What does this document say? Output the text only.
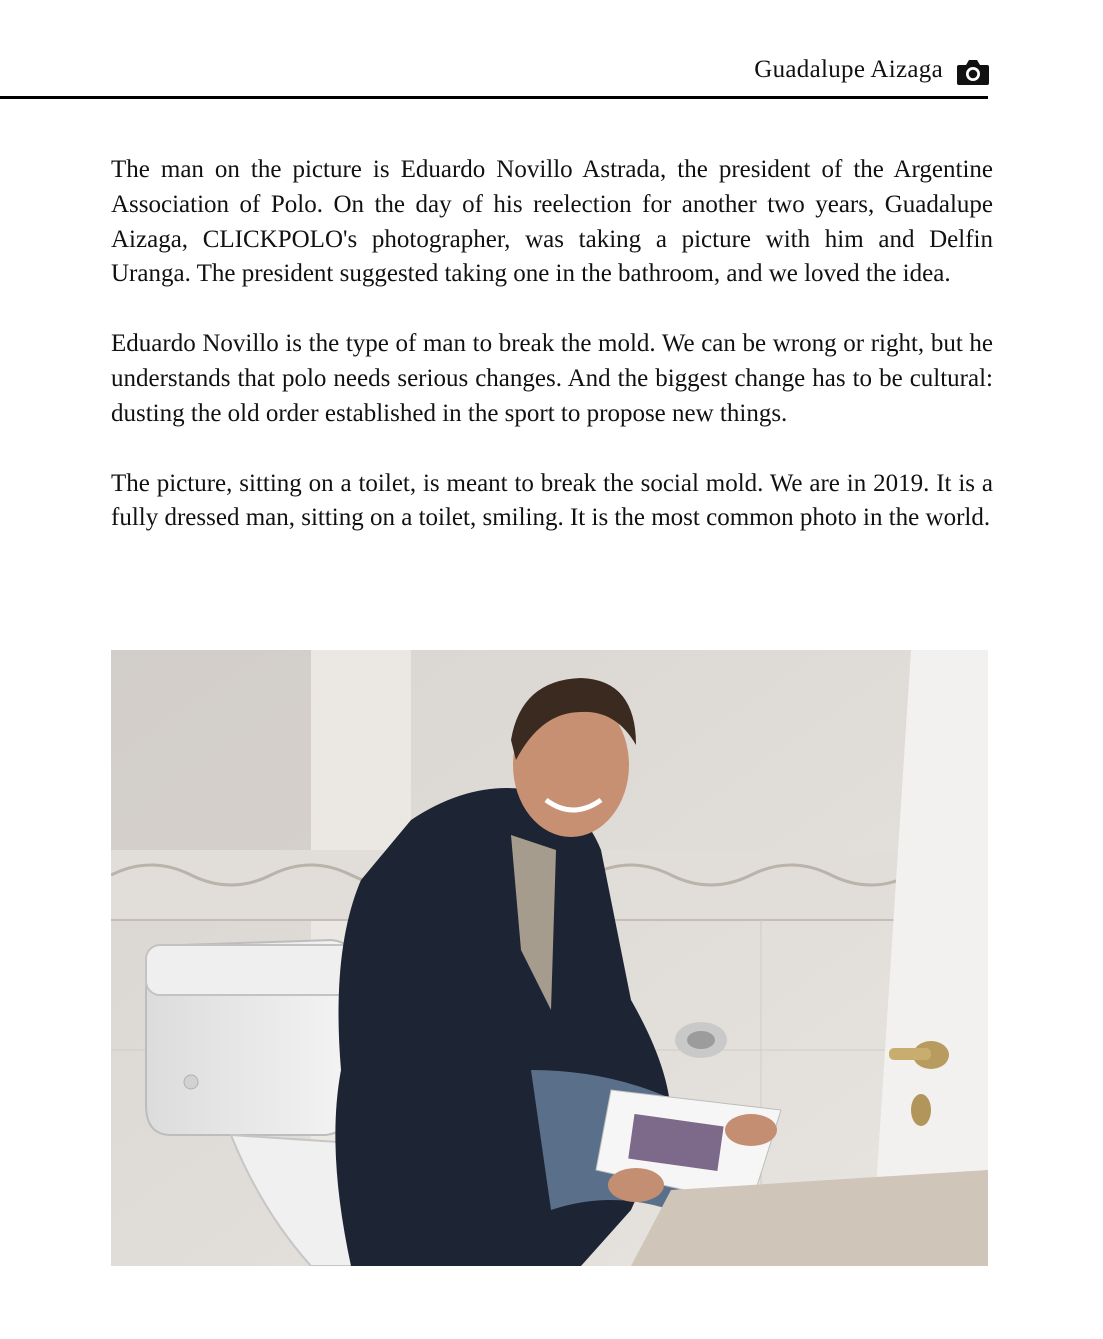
Guadalupe Aizaga

The man on the picture is Eduardo Novillo Astrada, the president of the Argentine Association of Polo. On the day of his reelection for another two years, Guadalupe Aizaga, CLICKPOLO's photographer, was taking a picture with him and Delfin Uranga. The president suggested taking one in the bathroom, and we loved the idea.

Eduardo Novillo is the type of man to break the mold. We can be wrong or right, but he understands that polo needs serious changes. And the biggest change has to be cultural: dusting the old order established in the sport to propose new things.

The picture, sitting on a toilet, is meant to break the social mold. We are in 2019. It is a fully dressed man, sitting on a toilet, smiling. It is the most common photo in the world.
